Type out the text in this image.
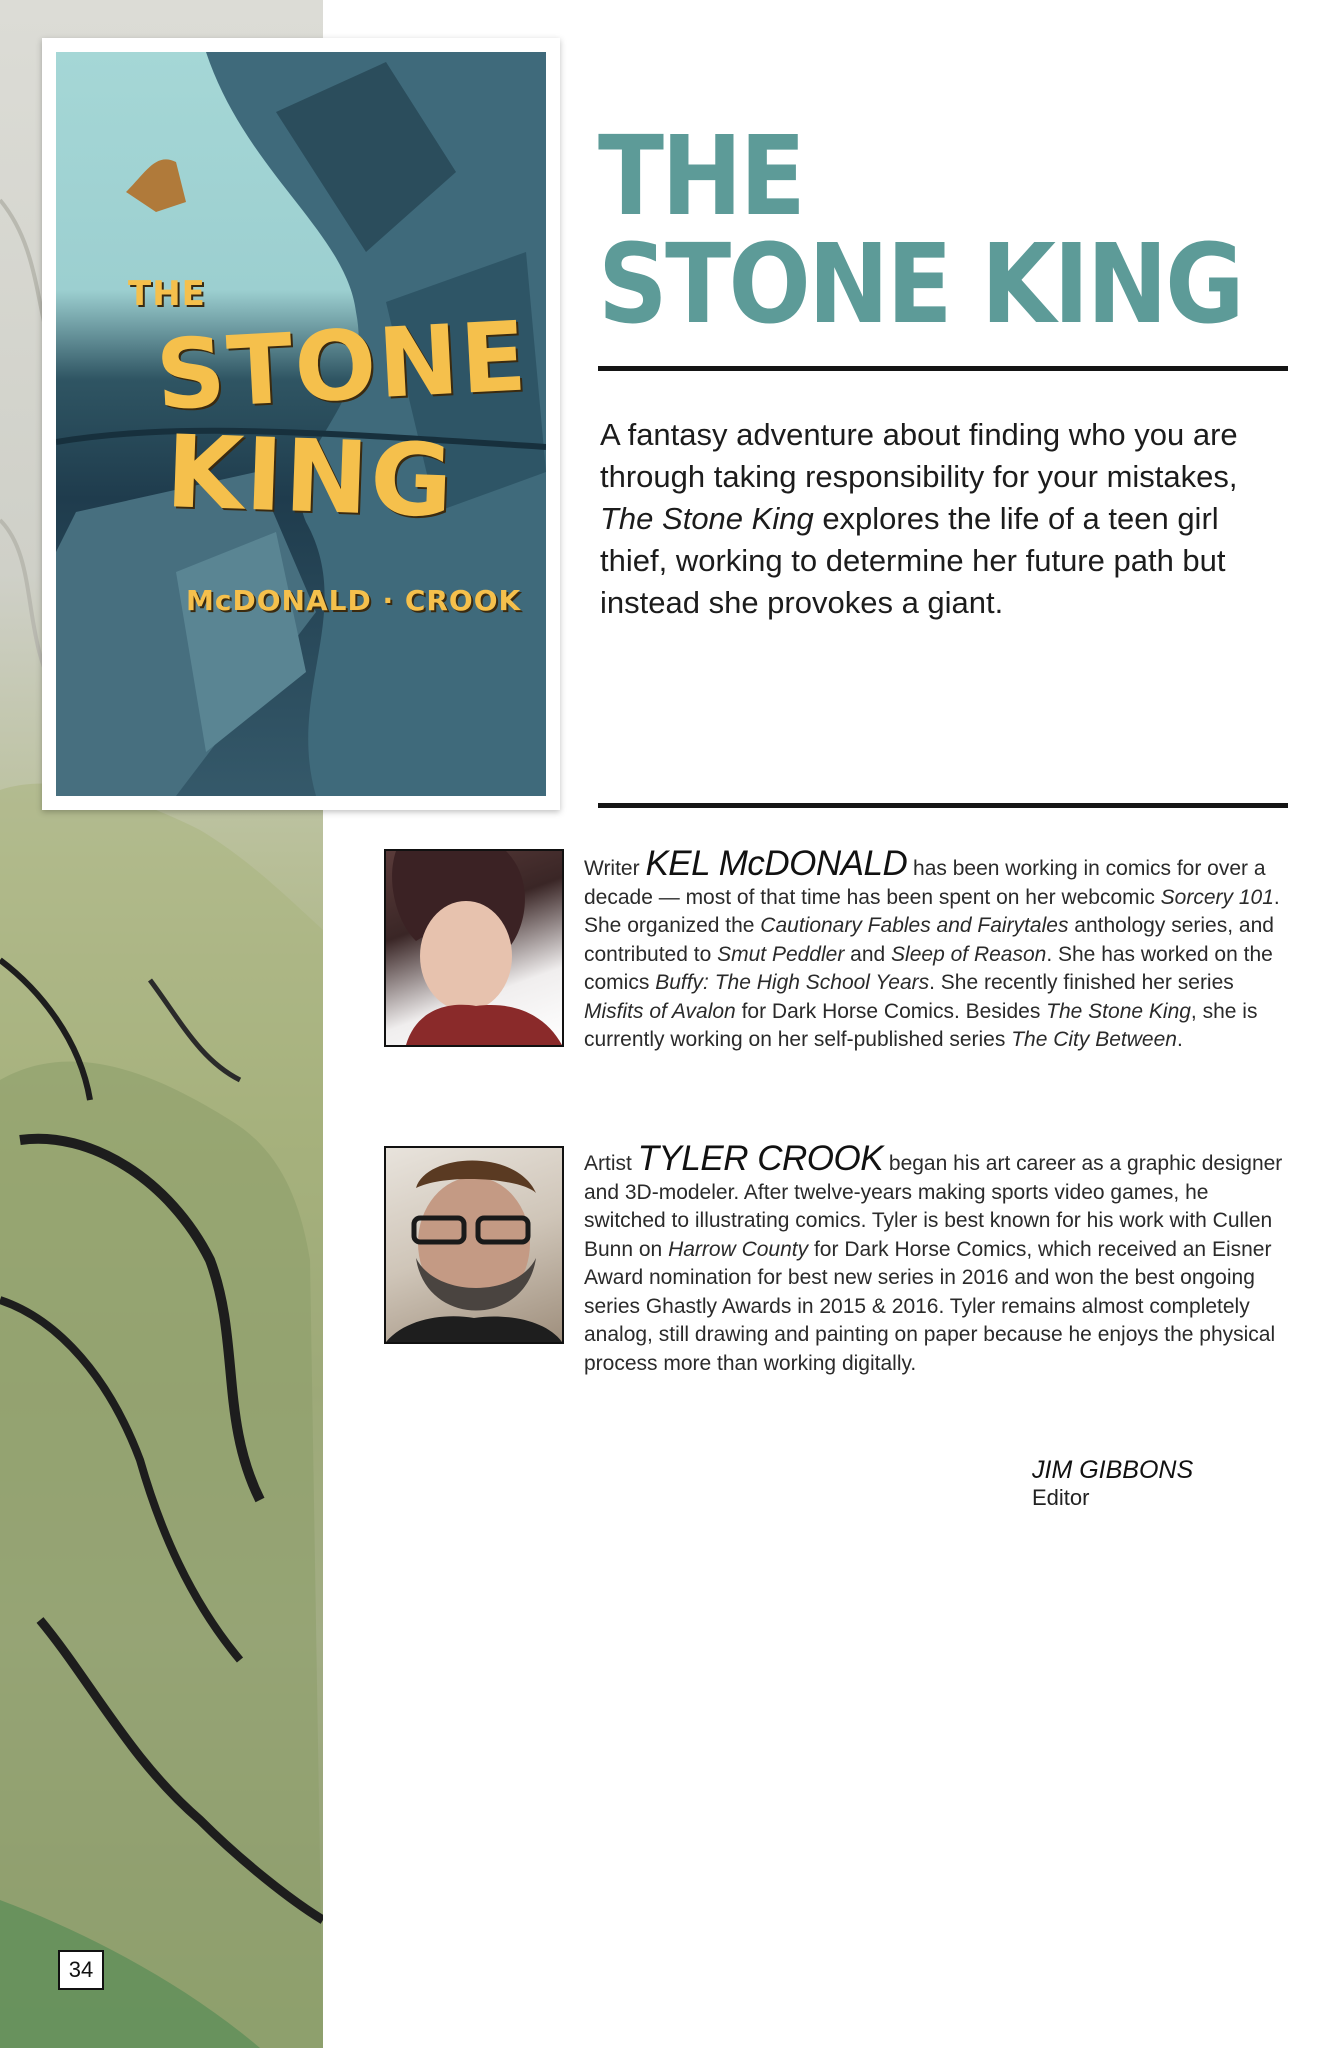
THE
STONE
KING
McDONALD · CROOK
THE
STONE KING

A fantasy adventure about finding who you are through taking responsibility for your mistakes, The Stone King explores the life of a teen girl thief, working to determine her future path but instead she provokes a giant.

Writer KEL McDONALD has been working in comics for over a decade — most of that time has been spent on her webcomic Sorcery 101. She organized the Cautionary Fables and Fairytales anthology series, and contributed to Smut Peddler and Sleep of Reason. She has worked on the comics Buffy: The High School Years. She recently finished her series Misfits of Avalon for Dark Horse Comics. Besides The Stone King, she is currently working on her self-published series The City Between.

Artist TYLER CROOK began his art career as a graphic designer and 3D-modeler. After twelve-years making sports video games, he switched to illustrating comics. Tyler is best known for his work with Cullen Bunn on Harrow County for Dark Horse Comics, which received an Eisner Award nomination for best new series in 2016 and won the best ongoing series Ghastly Awards in 2015 & 2016. Tyler remains almost completely analog, still drawing and painting on paper because he enjoys the physical process more than working digitally.

JIM GIBBONS
Editor
34
